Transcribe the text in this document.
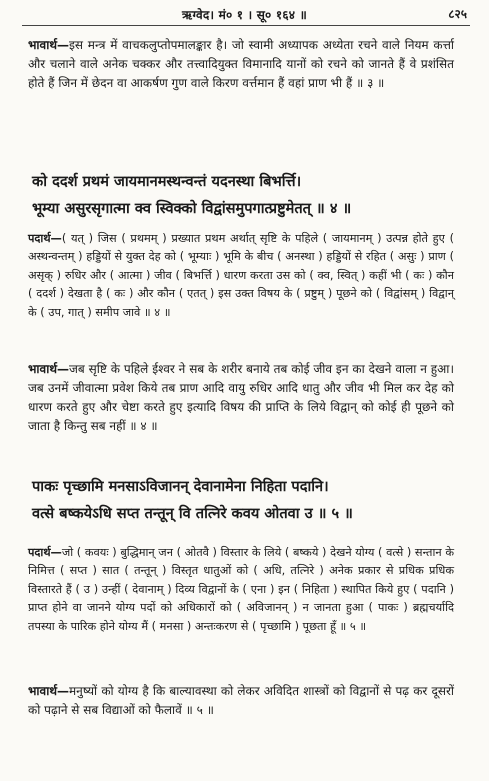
ऋग्वेद। मं० १ । सू० १६४ ॥	८२५
भावार्थ—इस मन्त्र में वाचकलुप्तोपमालङ्कार है। जो स्वामी अध्यापक अध्येता रचने वाले नियम कर्त्ता और चलाने वाले अनेक चक्कर और तत्त्वादियुक्त विमानादि यानों को रचने को जानते हैं वे प्रशंसित होते हैं जिन में छेदन वा आकर्षण गुण वाले किरण वर्त्तमान हैं वहां प्राण भी हैं ॥ ३ ॥
को ददर्श प्रथमं जायमानमस्थन्वन्तं यदनस्था बिभर्त्ति।
भूम्या असुरसृगात्मा क्व स्विक्को विद्वांसमुपगात्प्रष्टुमेतत् ॥ ४ ॥
पदार्थ—( यत् ) जिस ( प्रथमम् ) प्रख्यात प्रथम अर्थात् सृष्टि के पहिले ( जायमानम् ) उत्पन्न होते हुए ( अस्थन्वन्तम् ) हड्डियों से युक्त देह को ( भूम्याः ) भूमि के बीच ( अनस्था ) हड्डियों से रहित ( असुः ) प्राण ( असृक् ) रुधिर और ( आत्मा ) जीव ( बिभर्त्ति ) धारण करता उस को ( क्व, स्वित् ) कहीं भी ( कः ) कौन ( ददर्श ) देखता है ( कः ) और कौन ( एतत् ) इस उक्त विषय के ( प्रष्टुम् ) पूछने को ( विद्वांसम् ) विद्वान् के ( उप, गात् ) समीप जावे ॥ ४ ॥
भावार्थ—जब सृष्टि के पहिले ईश्वर ने सब के शरीर बनाये तब कोई जीव इन का देखने वाला न हुआ। जब उनमें जीवात्मा प्रवेश किये तब प्राण आदि वायु रुधिर आदि धातु और जीव भी मिल कर देह को धारण करते हुए और चेष्टा करते हुए इत्यादि विषय की प्राप्ति के लिये विद्वान् को कोई ही पूछने को जाता है किन्तु सब नहीं ॥ ४ ॥
पाकः पृच्छामि मनसाऽविजानन् देवानामेना निहिता पदानि।
वत्से बष्कयेऽधि सप्त तन्तून् वि तत्निरे कवय ओतवा उ ॥ ५ ॥
पदार्थ—जो ( कवयः ) बुद्धिमान् जन ( ओतवै ) विस्तार के लिये ( बष्कये ) देखने योग्य ( वत्से ) सन्तान के निमित्त ( सप्त ) सात ( तन्तून् ) विस्तृत धातुओं को ( अधि, तत्निरे ) अनेक प्रकार से प्रधिक प्रधिक विस्तारते हैं ( उ ) उन्हीं ( देवानाम् ) दिव्य विद्वानों के ( एना ) इन ( निहिता ) स्थापित किये हुए ( पदानि ) प्राप्त होने वा जानने योग्य पदों को अधिकारों को ( अविजानन् ) न जानता हुआ ( पाकः ) ब्रह्मचर्यादि तपस्या के पारिक होने योग्य मैं ( मनसा ) अन्तःकरण से ( पृच्छामि ) पूछता हूँ ॥ ५ ॥
भावार्थ—मनुष्यों को योग्य है कि बाल्यावस्था को लेकर अविदित शास्त्रों को विद्वानों से पढ़ कर दूसरों को पढ़ाने से सब विद्याओं को फैलावें ॥ ५ ॥
